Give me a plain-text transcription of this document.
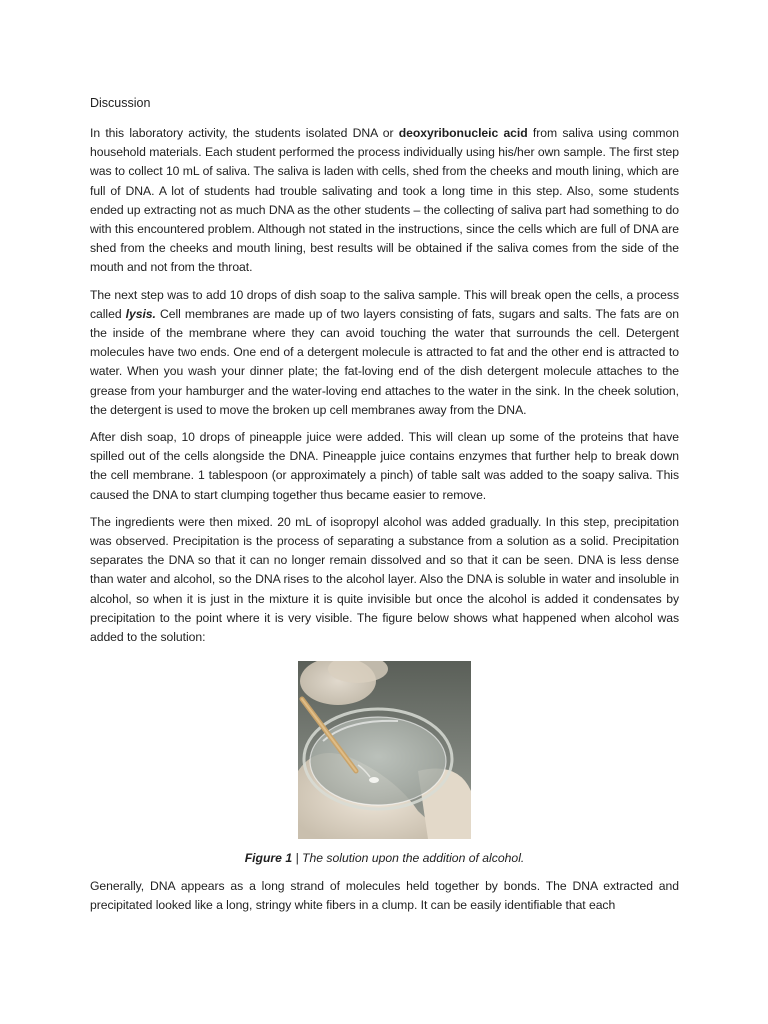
Discussion

In this laboratory activity, the students isolated DNA or deoxyribonucleic acid from saliva using common household materials. Each student performed the process individually using his/her own sample. The first step was to collect 10 mL of saliva. The saliva is laden with cells, shed from the cheeks and mouth lining, which are full of DNA. A lot of students had trouble salivating and took a long time in this step. Also, some students ended up extracting not as much DNA as the other students – the collecting of saliva part had something to do with this encountered problem. Although not stated in the instructions, since the cells which are full of DNA are shed from the cheeks and mouth lining, best results will be obtained if the saliva comes from the side of the mouth and not from the throat.

The next step was to add 10 drops of dish soap to the saliva sample. This will break open the cells, a process called lysis. Cell membranes are made up of two layers consisting of fats, sugars and salts. The fats are on the inside of the membrane where they can avoid touching the water that surrounds the cell. Detergent molecules have two ends. One end of a detergent molecule is attracted to fat and the other end is attracted to water. When you wash your dinner plate; the fat-loving end of the dish detergent molecule attaches to the grease from your hamburger and the water-loving end attaches to the water in the sink. In the cheek solution, the detergent is used to move the broken up cell membranes away from the DNA.

After dish soap, 10 drops of pineapple juice were added. This will clean up some of the proteins that have spilled out of the cells alongside the DNA. Pineapple juice contains enzymes that further help to break down the cell membrane. 1 tablespoon (or approximately a pinch) of table salt was added to the soapy saliva. This caused the DNA to start clumping together thus became easier to remove.

The ingredients were then mixed. 20 mL of isopropyl alcohol was added gradually. In this step, precipitation was observed. Precipitation is the process of separating a substance from a solution as a solid. Precipitation separates the DNA so that it can no longer remain dissolved and so that it can be seen. DNA is less dense than water and alcohol, so the DNA rises to the alcohol layer. Also the DNA is soluble in water and insoluble in alcohol, so when it is just in the mixture it is quite invisible but once the alcohol is added it condensates by precipitation to the point where it is very visible. The figure below shows what happened when alcohol was added to the solution:

Figure 1 | The solution upon the addition of alcohol.

Generally, DNA appears as a long strand of molecules held together by bonds. The DNA extracted and precipitated looked like a long, stringy white fibers in a clump. It can be easily identifiable that each
